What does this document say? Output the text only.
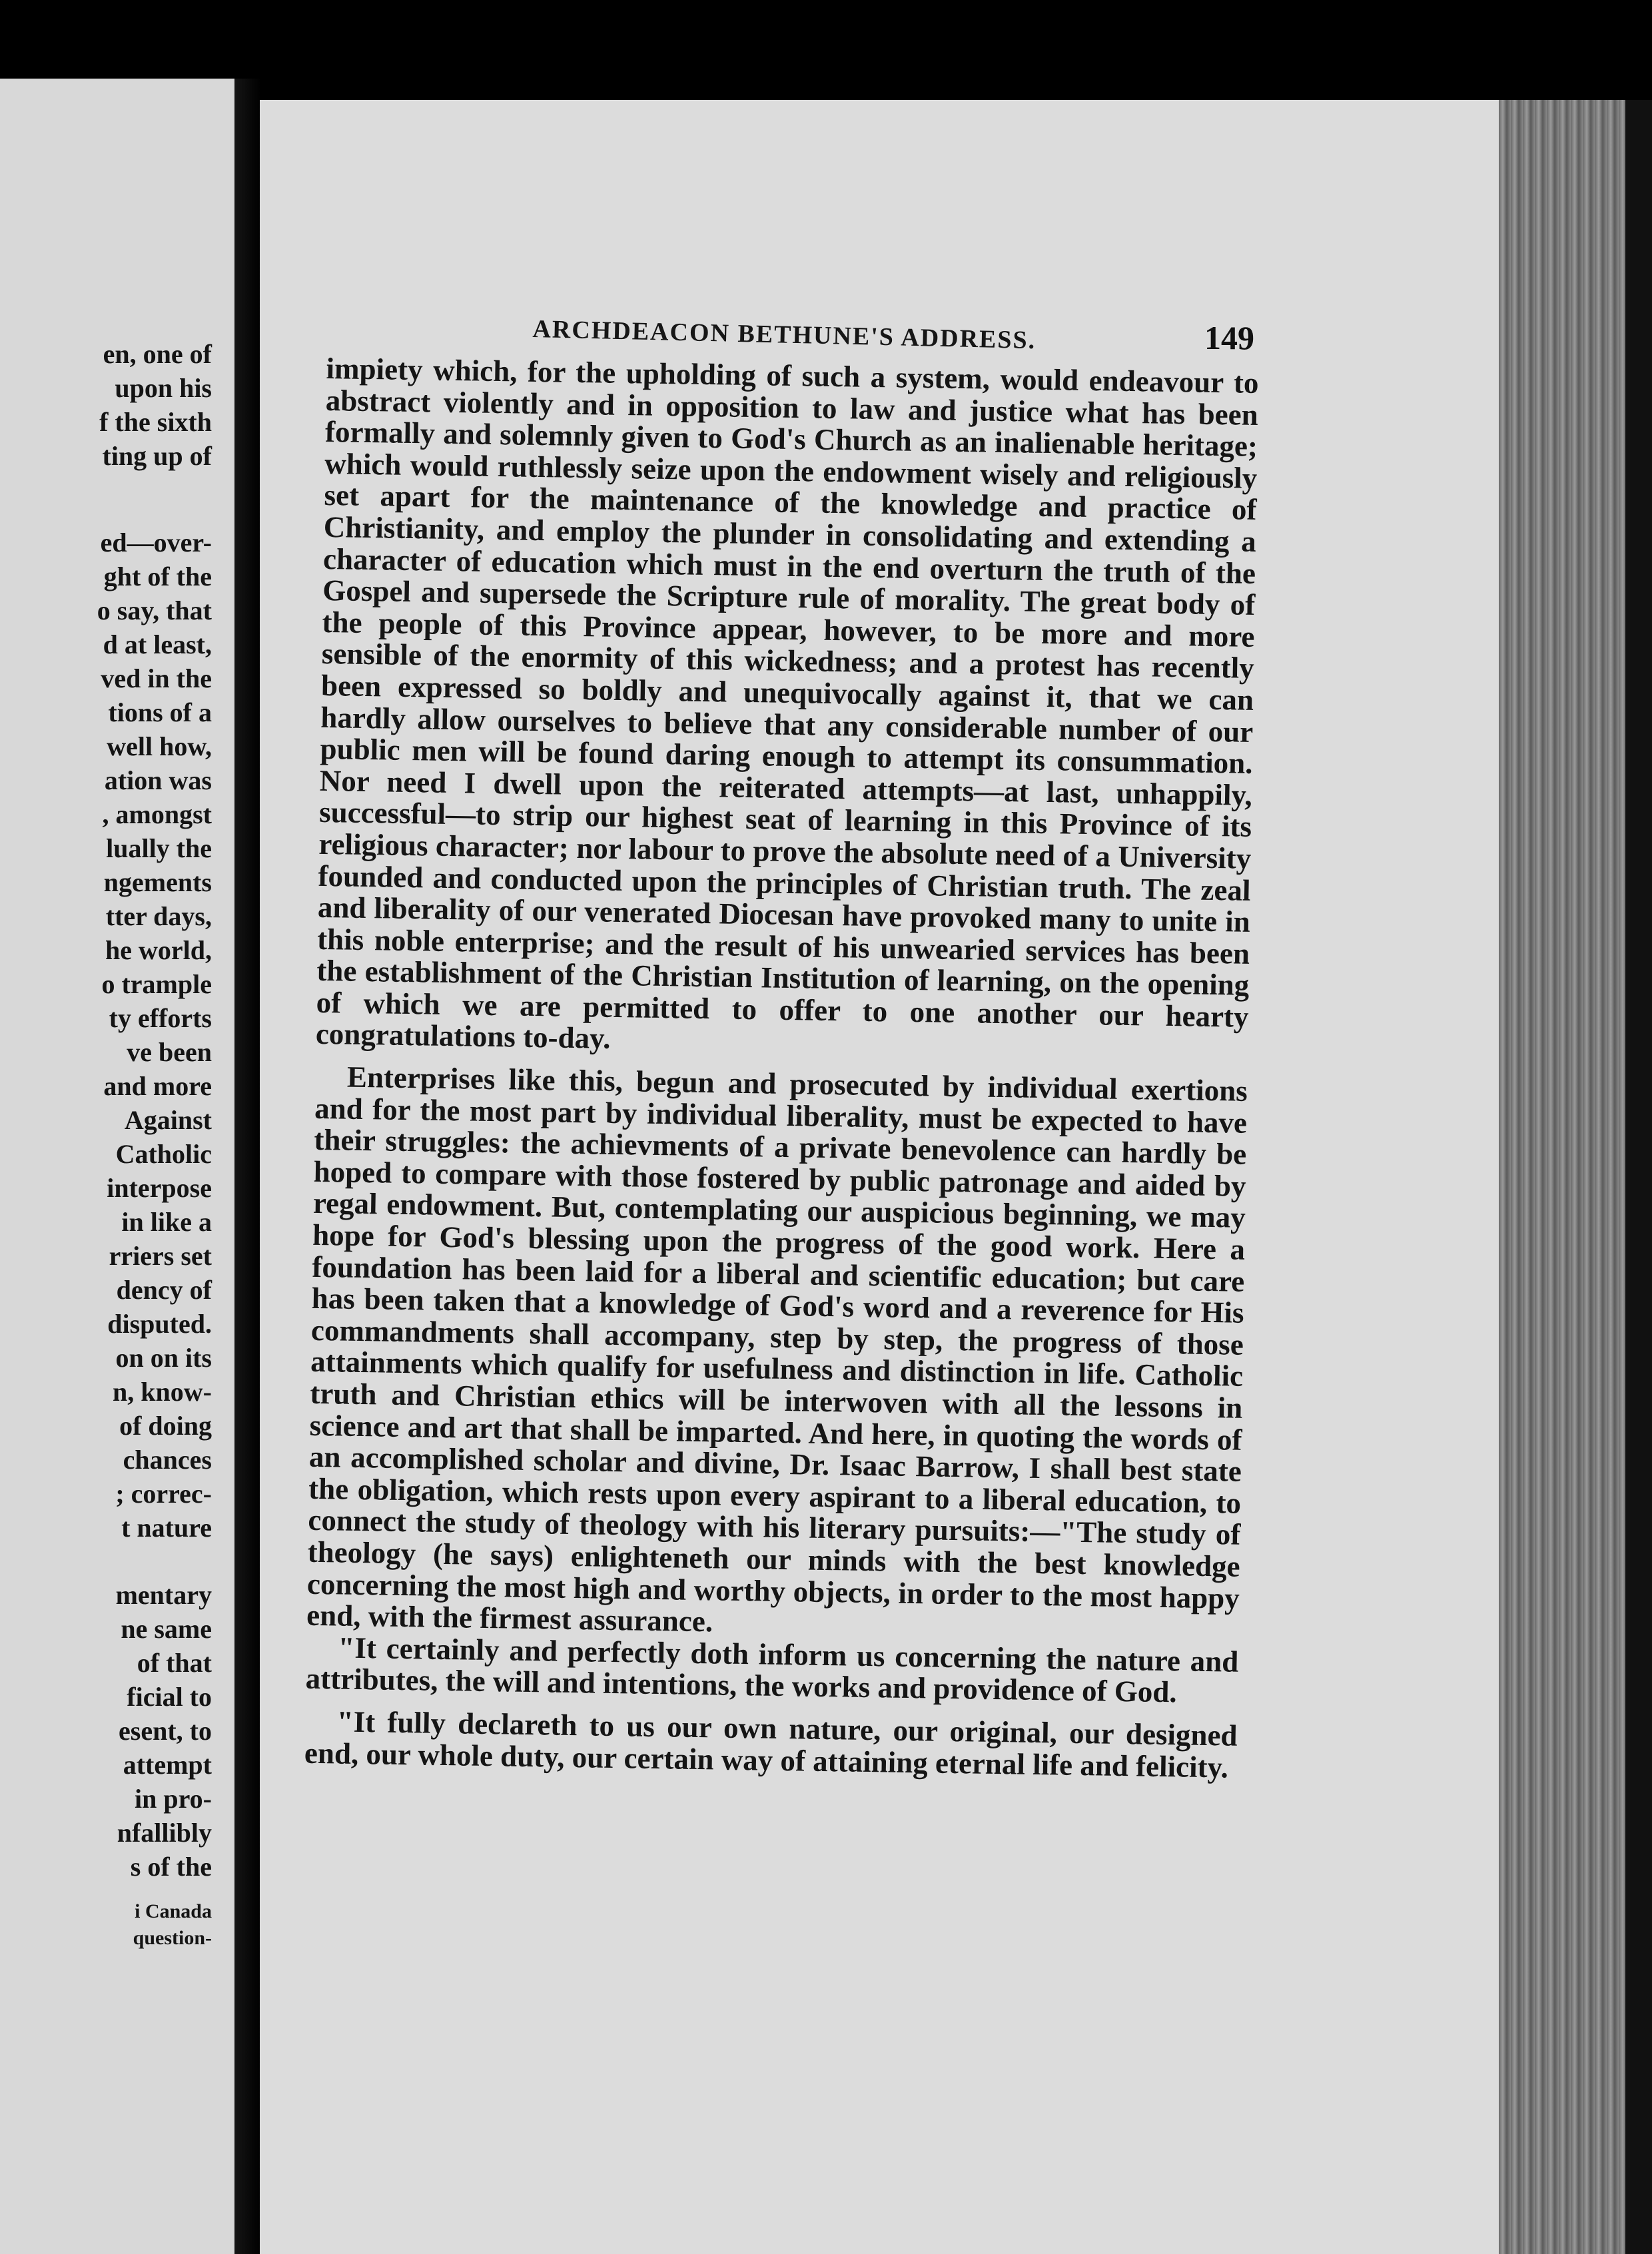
en, one of
upon his
f the sixth
ting up of
ed—over-
ght of the
o say, that
d at least,
ved in the
tions of a
well how,
ation was
, amongst
lually the
ngements
tter days,
he world,
o trample
ty efforts
ve been
and more
Against
Catholic
interpose
in like a
rriers set
dency of
disputed.
on on its
n, know-
of doing
chances
; correc-
t nature
mentary
ne same
of that
ficial to
esent, to
attempt
in pro-
nfallibly
s of the
i Canada
question-
ARCHDEACON BETHUNE'S ADDRESS.	149

impiety which, for the upholding of such a system, would endeavour to abstract violently and in opposition to law and justice what has been formally and solemnly given to God's Church as an inalienable heritage; which would ruthlessly seize upon the endowment wisely and religiously set apart for the maintenance of the knowledge and practice of Christianity, and employ the plunder in consolidating and extending a character of education which must in the end overturn the truth of the Gospel and supersede the Scripture rule of morality. The great body of the people of this Province appear, however, to be more and more sensible of the enormity of this wickedness; and a protest has recently been expressed so boldly and unequivocally against it, that we can hardly allow ourselves to believe that any considerable number of our public men will be found daring enough to attempt its consummation. Nor need I dwell upon the reiterated attempts—at last, unhappily, successful—to strip our highest seat of learning in this Province of its religious character; nor labour to prove the absolute need of a University founded and conducted upon the principles of Christian truth. The zeal and liberality of our venerated Diocesan have provoked many to unite in this noble enterprise; and the result of his unwearied services has been the establishment of the Christian Institution of learning, on the opening of which we are permitted to offer to one another our hearty congratulations to-day.

Enterprises like this, begun and prosecuted by individual exertions and for the most part by individual liberality, must be expected to have their struggles: the achievments of a private benevolence can hardly be hoped to compare with those fostered by public patronage and aided by regal endowment. But, contemplating our auspicious beginning, we may hope for God's blessing upon the progress of the good work. Here a foundation has been laid for a liberal and scientific education; but care has been taken that a knowledge of God's word and a reverence for His commandments shall accompany, step by step, the progress of those attainments which qualify for usefulness and distinction in life. Catholic truth and Christian ethics will be interwoven with all the lessons in science and art that shall be imparted. And here, in quoting the words of an accomplished scholar and divine, Dr. Isaac Barrow, I shall best state the obligation, which rests upon every aspirant to a liberal education, to connect the study of theology with his literary pursuits:—"The study of theology (he says) enlighteneth our minds with the best knowledge concerning the most high and worthy objects, in order to the most happy end, with the firmest assurance.

"It certainly and perfectly doth inform us concerning the nature and attributes, the will and intentions, the works and providence of God.

"It fully declareth to us our own nature, our original, our designed end, our whole duty, our certain way of attaining eternal life and felicity.
